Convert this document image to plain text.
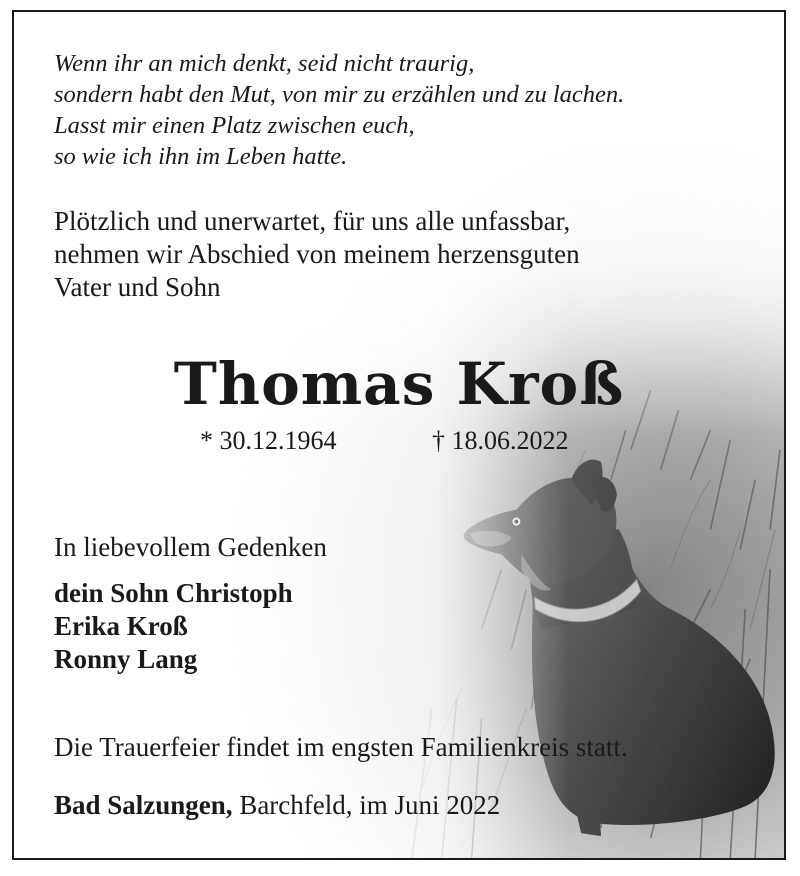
Wenn ihr an mich denkt, seid nicht traurig,
sondern habt den Mut, von mir zu erzählen und zu lachen.
Lasst mir einen Platz zwischen euch,
so wie ich ihn im Leben hatte.
Plötzlich und unerwartet, für uns alle unfassbar,
nehmen wir Abschied von meinem herzensguten
Vater und Sohn
Thomas Kroß
* 30.12.1964	† 18.06.2022
In liebevollem Gedenken
dein Sohn Christoph
Erika Kroß
Ronny Lang
Die Trauerfeier findet im engsten Familienkreis statt.
Bad Salzungen, Barchfeld, im Juni 2022
